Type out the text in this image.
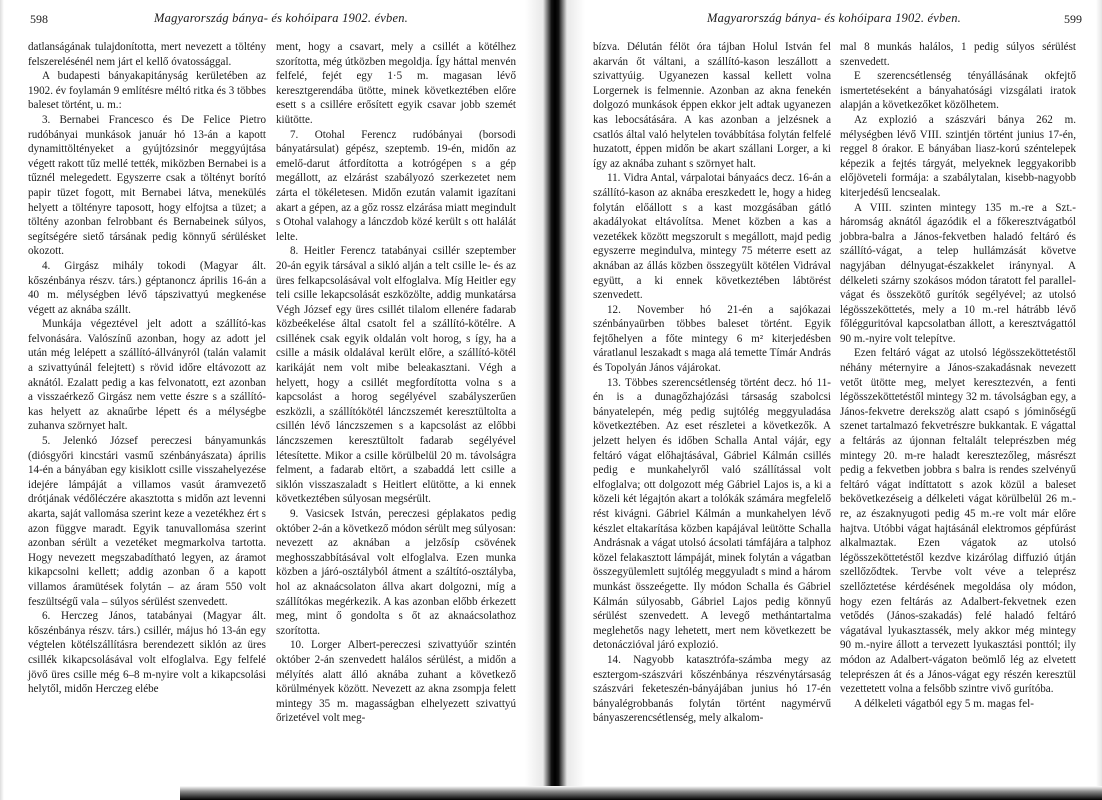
598	Magyarország bánya- és kohóipara 1902. évben.

datlanságának tulajdonította, mert nevezett a töltény felszerelésénél nem járt el kellő óvatossággal.

A budapesti bányakapitányság kerületében az 1902. év foylamán 9 említésre méltó ritka és 3 többes baleset történt, u. m.:

3. Bernabei Francesco és De Felice Pietro rudóbányai munkások január hó 13-án a kapott dynamittöltényeket a gyújtózsinór meggyújtása végett rakott tűz mellé tették, miközben Bernabei is a tűznél melegedett. Egyszerre csak a töltényt borító papir tüzet fogott, mit Bernabei látva, menekülés helyett a töltényre taposott, hogy elfojtsa a tüzet; a töltény azonban felrobbant és Bernabeinek súlyos, segítségére siető társának pedig könnyű sérülésket okozott.

4. Girgász mihály tokodi (Magyar ált. kőszénbánya részv. társ.) géptanoncz április 16-án a 40 m. mélységben lévő tápszivattyú megkenése végett az aknába szállt.

Munkája végeztével jelt adott a szállító-kas felvonására. Valószínű azonban, hogy az adott jel után még lelépett a szállító-állványról (talán valamit a szivattyúnál felejtett) s rövid időre eltávozott az aknától. Ezalatt pedig a kas felvonatott, ezt azonban a visszaérkező Girgász nem vette észre s a szállító-kas helyett az aknaűrbe lépett és a mélységbe zuhanva szörnyet halt.

5. Jelenkó József pereczesi bányamunkás (diósgyőri kincstári vasmű szénbányászata) április 14-én a bányában egy kisiklott csille visszahelyezése idejére lámpáját a villamos vasút áramvezető drótjának védőléczére akasztotta s midőn azt levenni akarta, saját vallomása szerint keze a vezetékhez ért s azon függve maradt. Egyik tanuvallomása szerint azonban sérült a vezetéket megmarkolva tartotta. Hogy nevezett megszabadítható legyen, az áramot kikapcsolni kellett; addig azonban ő a kapott villamos áramütések folytán – az áram 550 volt feszültségű vala – súlyos sérülést szenvedett.

6. Herczeg János, tatabányai (Magyar ált. kőszénbánya részv. társ.) csillér, május hó 13-án egy végtelen kötélszállításra berendezett siklón az üres csillék kikapcsolásával volt elfoglalva. Egy felfelé jövő üres csille még 6–8 m-nyire volt a kikapcsolási helytől, midőn Herczeg elébe

ment, hogy a csavart, mely a csillét a kötélhez szorította, még útközben megoldja. Így háttal menvén felfelé, fejét egy 1·5 m. magasan lévő keresztgerendába ütötte, minek következtében előre esett s a csillére erősített egyik csavar jobb szemét kiütötte.

7. Otohal Ferencz rudóbányai (borsodi bányatársulat) gépész, szeptemb. 19-én, midőn az emelő-darut átfordította a kotrógépen s a gép megállott, az elzárást szabályozó szerkezetet nem zárta el tökéletesen. Midőn ezután valamit igazítani akart a gépen, az a gőz rossz elzárása miatt megindult s Otohal valahogy a lánczdob közé került s ott halálát lelte.

8. Heitler Ferencz tatabányai csillér szeptember 20-án egyik társával a sikló alján a telt csille le- és az üres felkapcsolásával volt elfoglalva. Míg Heitler egy teli csille lekapcsolását eszközölte, addig munkatársa Végh József egy üres csillét tilalom ellenére fadarab közbeékelése által csatolt fel a szállító-kötélre. A csillének csak egyik oldalán volt horog, s így, ha a csille a másik oldalával került előre, a szállító-kötél karikáját nem volt mibe beleakasztani. Végh a helyett, hogy a csillét megfordította volna s a kapcsolást a horog segélyével szabályszerűen eszközli, a szállítókötél lánczszemét keresztültolta a csillén lévő lánczszemen s a kapcsolást az előbbi lánczszemen keresztültolt fadarab segélyével létesítette. Mikor a csille körülbelül 20 m. távolságra felment, a fadarab eltört, a szabaddá lett csille a siklón visszaszaladt s Heitlert elütötte, a ki ennek következtében súlyosan megsérült.

9. Vasicsek István, pereczesi géplakatos pedig október 2-án a következő módon sérült meg súlyosan: nevezett az aknában a jelzősíp csövének meghosszabbításával volt elfoglalva. Ezen munka közben a járó-osztályból átment a száltító-osztályba, hol az aknaácsolaton állva akart dolgozni, míg a szállítókas megérkezik. A kas azonban előbb érkezett meg, mint ő gondolta s őt az aknaácsolathoz szorította.

10. Lorger Albert-pereczesi szivattyúőr szintén október 2-án szenvedett halálos sérülést, a midőn a mélyítés alatt álló aknába zuhant a következő körülmények között. Nevezett az akna zsompja felett mintegy 35 m. magasságban elhelyezett szivattyú őrizetével volt meg-

Magyarország bánya- és kohóipara 1902. évben.	599

bízva. Délután félöt óra tájban Holul István fel akarván őt váltani, a szállító-kason leszállott a szivattyúig. Ugyanezen kassal kellett volna Lorgernek is felmennie. Azonban az akna fenekén dolgozó munkások éppen ekkor jelt adtak ugyanezen kas lebocsátására. A kas azonban a jelzésnek a csatlós által való helytelen továbbítása folytán felfelé huzatott, éppen midőn be akart szállani Lorger, a ki így az aknába zuhant s szörnyet halt.

11. Vidra Antal, várpalotai bányaács decz. 16-án a szállító-kason az aknába ereszkedett le, hogy a hideg folytán előállott s a kast mozgásában gátló akadályokat eltávolítsa. Menet közben a kas a vezetékek között megszorult s megállott, majd pedig egyszerre megindulva, mintegy 75 méterre esett az aknában az állás közben összegyült kötélen Vidrával együtt, a ki ennek következtében lábtörést szenvedett.

12. November hó 21-én a sajókazai szénbányaürben többes baleset történt. Egyik fejtőhelyen a főte mintegy 6 m² kiterjedésben váratlanul leszakadt s maga alá temette Tímár András és Topolyán János vájárokat.

13. Többes szerencsétlenség történt decz. hó 11-én is a dunagőzhajózási társaság szabolcsi bányatelepén, még pedig sujtólég meggyuladása következtében. Az eset részletei a következők. A jelzett helyen és időben Schalla Antal vájár, egy feltáró vágat előhajtásával, Gábriel Kálmán csillés pedig e munkahelyről való szállítással volt elfoglalva; ott dolgozott még Gábriel Lajos is, a ki a közeli két légajtón akart a tolókák számára megfelelő rést kivágni. Gábriel Kálmán a munkahelyen lévő készlet eltakarítása közben kapájával leütötte Schalla Andrásnak a vágat utolsó ácsolati támfájára a talphoz közel felakasztott lámpáját, minek folytán a vágatban összegyülemlett sujtólég meggyuladt s mind a három munkást összeégette. Ily módon Schalla és Gábriel Kálmán súlyosabb, Gábriel Lajos pedig könnyű sérülést szenvedett. A levegő methántartalma meglehetős nagy lehetett, mert nem következett be detonáczióval járó explozió.

14. Nagyobb katasztrófa-számba megy az esztergom-szászvári kőszénbánya részvénytársaság szászvári feketeszén-bányájában junius hó 17-én bányalégrobbanás folytán történt nagymérvű bányaszerencsétlenség, mely alkalom-

mal 8 munkás halálos, 1 pedig súlyos sérülést szenvedett.

E szerencsétlenség tényállásának okfejtő ismertetéseként a bányahatósági vizsgálati iratok alapján a következőket közölhetem.

Az explozió a szászvári bánya 262 m. mélységben lévő VIII. szintjén történt junius 17-én, reggel 8 órakor. E bányában liasz-korú széntelepek képezik a fejtés tárgyát, melyeknek leggyakoribb előjöveteli formája: a szabálytalan, kisebb-nagyobb kiterjedésű lencsealak.

A VIII. szinten mintegy 135 m.-re a Szt.-háromság aknától ágazódik el a főkeresztvágatból jobbra-balra a János-fekvetben haladó feltáró és szállító-vágat, a telep hullámzását követve nagyjában délnyugat-északkelet iránynyal. A délkeleti szárny szokásos módon táratott fel parallel-vágat és összekötő gurítók segélyével; az utolsó légösszeköttetés, mely a 10 m.-rel hátrább lévő főlégguritóval kapcsolatban állott, a keresztvágattól 90 m.-nyire volt telepítve.

Ezen feltáró vágat az utolsó légösszeköttetéstől néhány méternyire a János-szakadásnak nevezett vetőt ütötte meg, melyet keresztezvén, a fenti légösszeköttetéstől mintegy 32 m. távolságban egy, a János-fekvetre derekszög alatt csapó s jóminőségű szenet tartalmazó fekvetrészre bukkantak. E vágattal a feltárás az újonnan feltalált teleprészben még mintegy 20. m-re haladt keresztezőleg, másrészt pedig a fekvetben jobbra s balra is rendes szelvényű feltáró vágat indíttatott s azok közül a baleset bekövetkezéseig a délkeleti vágat körülbelül 26 m.-re, az északnyugoti pedig 45 m.-re volt már előre hajtva. Utóbbi vágat hajtásánál elektromos gépfúrást alkalmaztak. Ezen vágatok az utolsó légösszeköttetéstől kezdve kizárólag diffuzió útján szellőződtek. Tervbe volt véve a teleprész szellőztetése kérdésének megoldása oly módon, hogy ezen feltárás az Adalbert-fekvetnek ezen vetődés (János-szakadás) felé haladó feltáró vágatával lyukasztassék, mely akkor még mintegy 90 m.-nyire állott a tervezett lyukasztási ponttól; ily módon az Adalbert-vágaton beömlő lég az elvetett teleprészen át és a János-vágat egy részén keresztül vezettetett volna a felsőbb szintre vivő gurítóba.

A délkeleti vágatból egy 5 m. magas fel-
